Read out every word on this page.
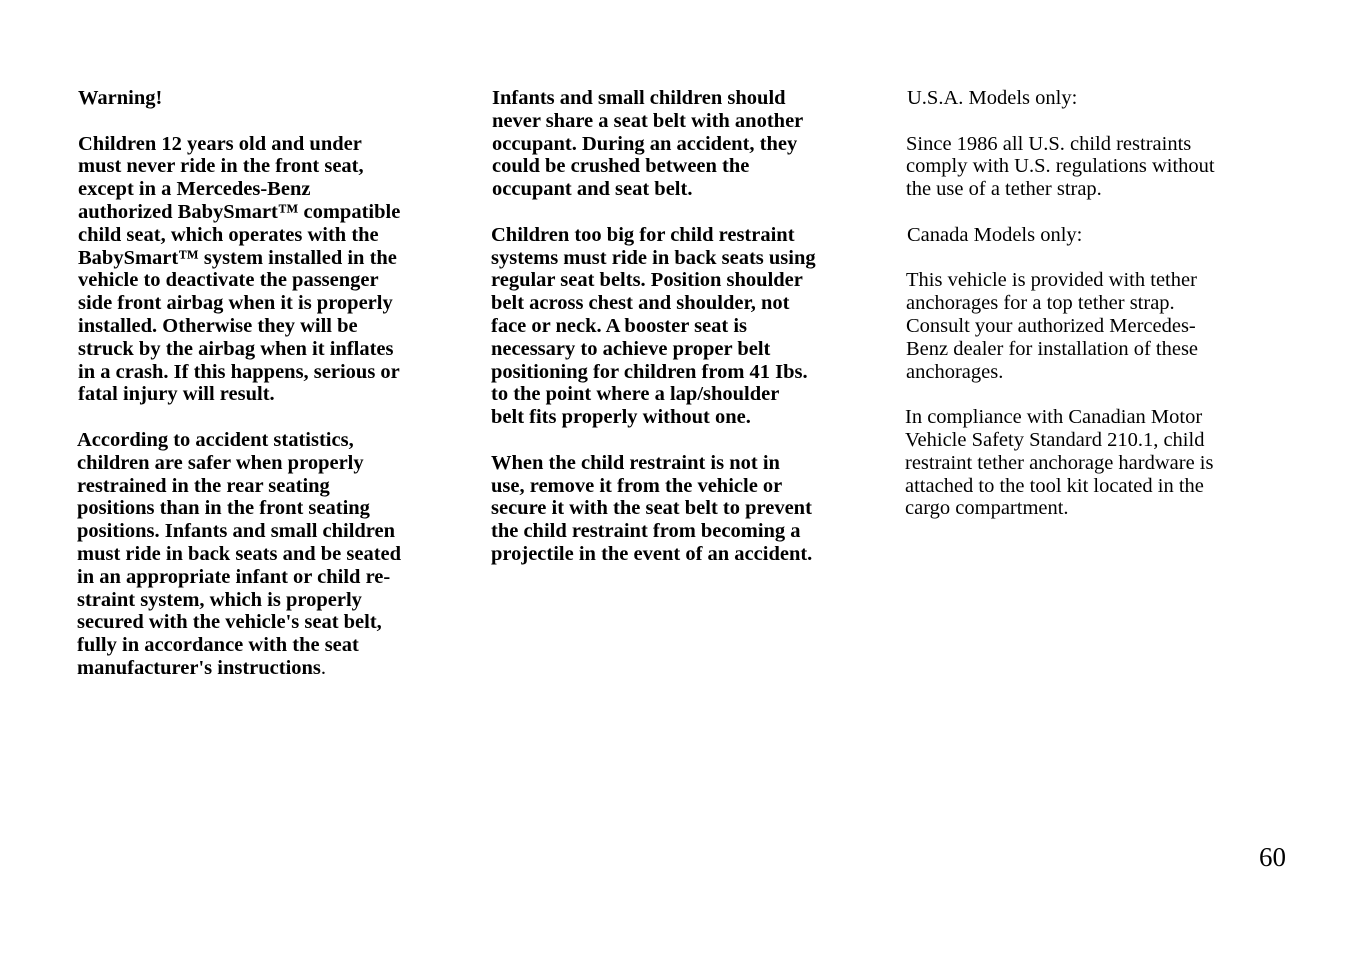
Warning!

Children 12 years old and under
must never ride in the front seat,
except in a Mercedes-Benz
authorized BabySmart™ compatible
child seat, which operates with the
BabySmart™ system installed in the
vehicle to deactivate the passenger
side front airbag when it is properly
installed. Otherwise they will be
struck by the airbag when it inflates
in a crash. If this happens, serious or
fatal injury will result.

According to accident statistics,
children are safer when properly
restrained in the rear seating
positions than in the front seating
positions. Infants and small children
must ride in back seats and be seated
in an appropriate infant or child re-
straint system, which is properly
secured with the vehicle's seat belt,
fully in accordance with the seat
manufacturer's instructions.

Infants and small children should
never share a seat belt with another
occupant. During an accident, they
could be crushed between the
occupant and seat belt.

Children too big for child restraint
systems must ride in back seats using
regular seat belts. Position shoulder
belt across chest and shoulder, not
face or neck. A booster seat is
necessary to achieve proper belt
positioning for children from 41 Ibs.
to the point where a lap/shoulder
belt fits properly without one.

When the child restraint is not in
use, remove it from the vehicle or
secure it with the seat belt to prevent
the child restraint from becoming a
projectile in the event of an accident.

U.S.A. Models only:

Since 1986 all U.S. child restraints
comply with U.S. regulations without
the use of a tether strap.

Canada Models only:

This vehicle is provided with tether
anchorages for a top tether strap.
Consult your authorized Mercedes-
Benz dealer for installation of these
anchorages.

In compliance with Canadian Motor
Vehicle Safety Standard 210.1, child
restraint tether anchorage hardware is
attached to the tool kit located in the
cargo compartment.

60
